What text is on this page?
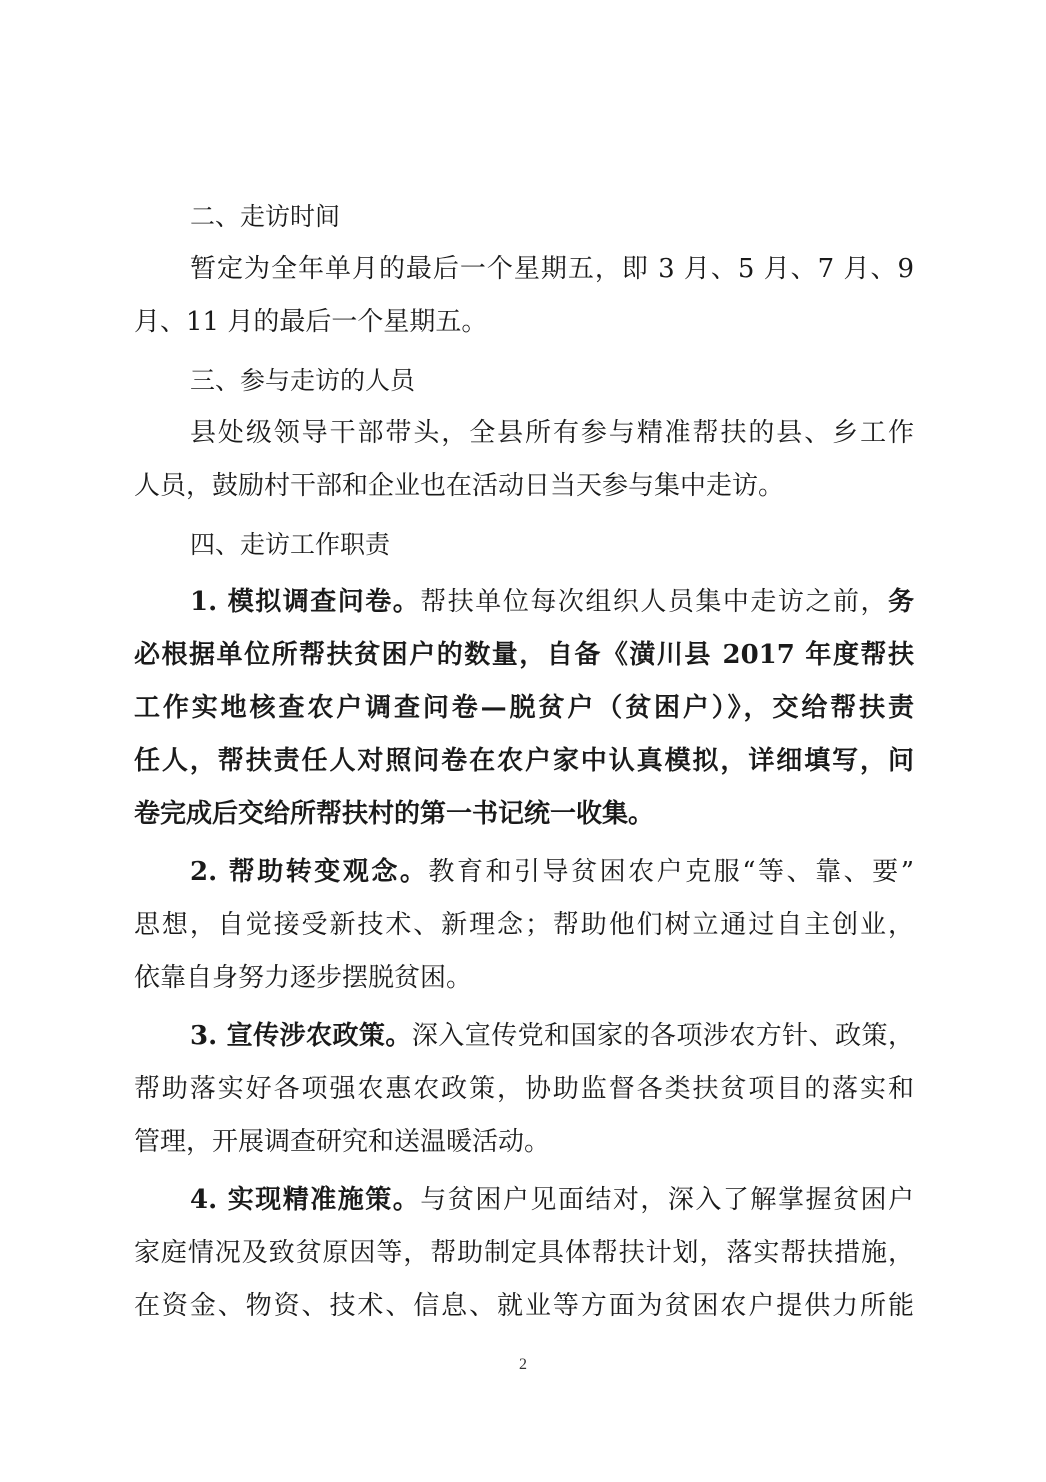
二、走访时间
暂定为全年单月的最后一个星期五，即 3 月、5 月、7 月、9
月、11 月的最后一个星期五。
三、参与走访的人员
县处级领导干部带头，全县所有参与精准帮扶的县、乡工作
人员，鼓励村干部和企业也在活动日当天参与集中走访。
四、走访工作职责
1. 模拟调查问卷。帮扶单位每次组织人员集中走访之前，务
必根据单位所帮扶贫困户的数量，自备《潢川县 2017 年度帮扶
工作实地核查农户调查问卷—脱贫户（贫困户）》，交给帮扶责
任人，帮扶责任人对照问卷在农户家中认真模拟，详细填写，问
卷完成后交给所帮扶村的第一书记统一收集。
2. 帮助转变观念。教育和引导贫困农户克服“等、靠、要”
思想，自觉接受新技术、新理念；帮助他们树立通过自主创业，
依靠自身努力逐步摆脱贫困。
3. 宣传涉农政策。深入宣传党和国家的各项涉农方针、政策，
帮助落实好各项强农惠农政策，协助监督各类扶贫项目的落实和
管理，开展调查研究和送温暖活动。
4. 实现精准施策。与贫困户见面结对，深入了解掌握贫困户
家庭情况及致贫原因等，帮助制定具体帮扶计划，落实帮扶措施，
在资金、物资、技术、信息、就业等方面为贫困农户提供力所能
2
